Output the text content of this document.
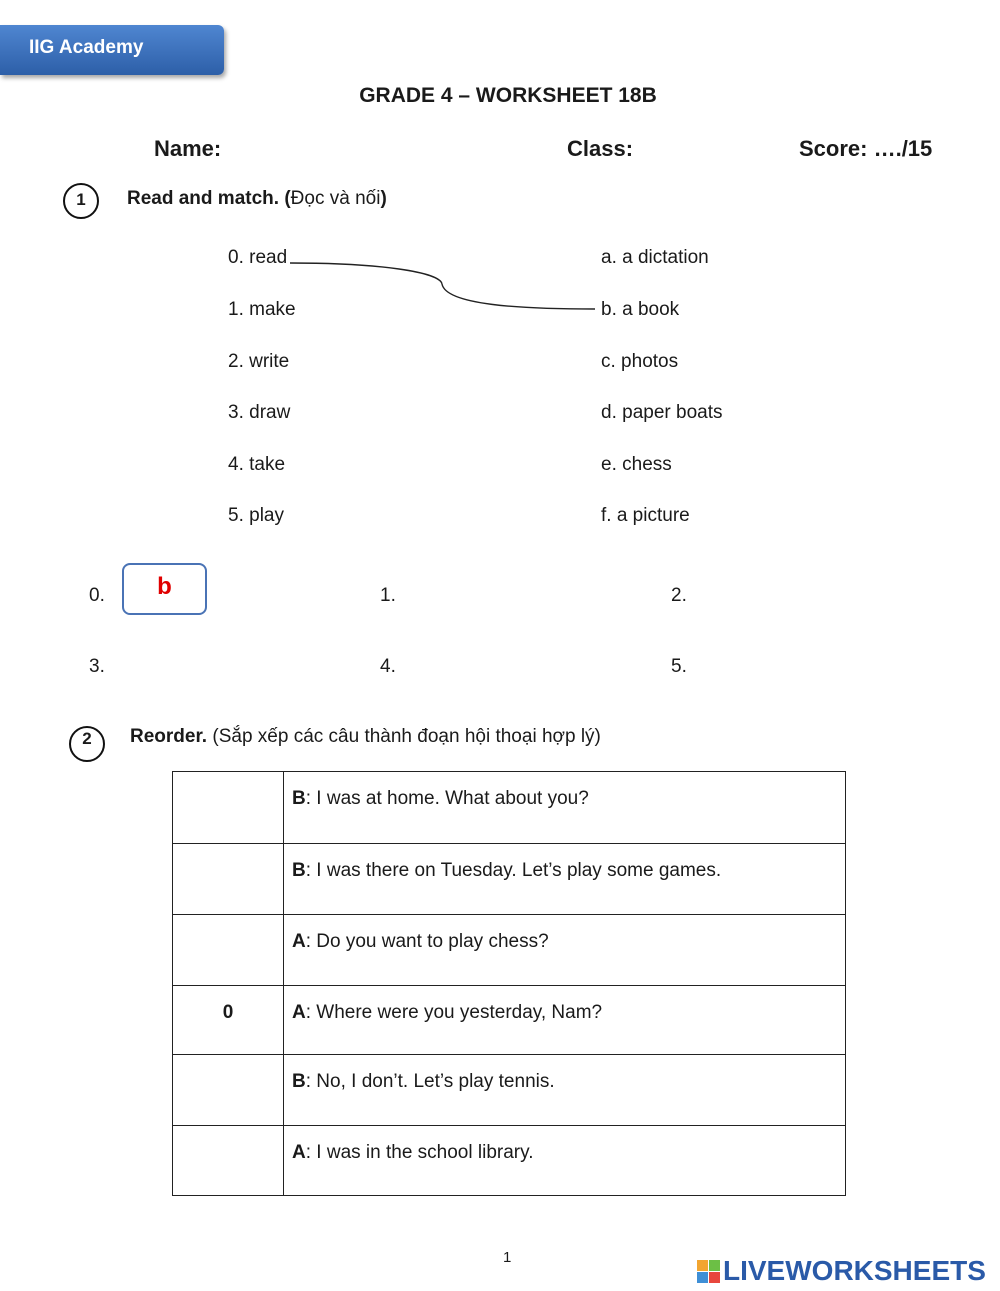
IIG Academy
GRADE 4 – WORKSHEET 18B
Name:	Class:	Score: …./15
1	Read and match. (Đọc và nối)
0. read
1. make
2. write
3. draw
4. take
5. play
a. a dictation
b. a book
c. photos
d. paper boats
e. chess
f. a picture
0.	b	1.	2.
3.	4.	5.
2	Reorder. (Sắp xếp các câu thành đoạn hội thoại hợp lý)
	B: I was at home. What about you?
	B: I was there on Tuesday. Let’s play some games.
	A: Do you want to play chess?
0	A: Where were you yesterday, Nam?
	B: No, I don’t. Let’s play tennis.
	A: I was in the school library.
1	LIVEWORKSHEETS
